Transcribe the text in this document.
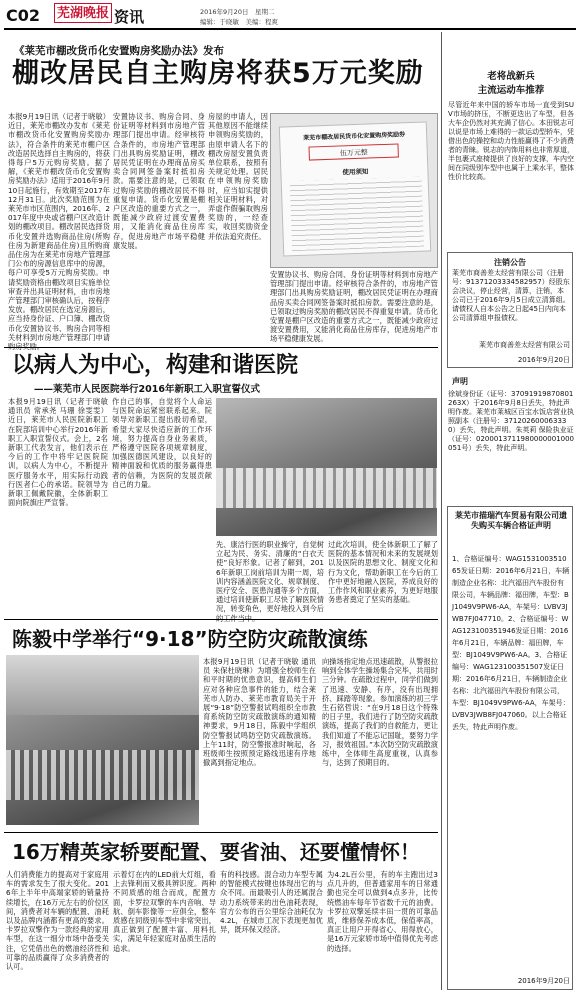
C02 芜湖晚报 资讯	2016年9月20日　星期二
编辑：于晓敏　美编：程爽
《莱芜市棚改货币化安置购房奖励办法》发布
棚改居民自主购房将获5万元奖励
本报9月19日讯（记者于晓敏）近日，莱芜市棚改办发布《莱芜市棚改货币化安置购房奖励办法》，符合条件的莱芜市棚户区改造居民选择自主购房的，将获得每户5万元购房奖励。据了解，《莱芜市棚改货币化安置购房奖励办法》适用于2016年9月10日起施行，有效期至2017年12月31日。此次奖励范围为在莱芜市市区范围内，2016年、2017年度中央或省棚户区改造计划的棚改项目。棚改居民选择货币化安置并选购商品住房(所购住房为新建商品住房)且所购商品住房为在莱芜市房地产管理部门公布的房源信息库中的房源，每户可享受5万元购房奖励。申请奖励资格由棚改项目实施单位审查并出具证明材料，由市房地产管理部门审核确认后，按程序发放。棚改居民在选定房源后，应当持身份证、户口簿、棚改货币化安置协议书、购房合同等相关材料到市房地产管理部门申请
安置协议书、购房合同、身份证明等材料到市房地产管理部门提出申请。经审核符合条件的，市房地产管理部门出具购房奖励证明，棚改居民凭证明在办理商品房买卖合同网签备案时抵扣房款。需要注意的是，已领取过购房奖励的棚改居民不得重复申请。货币化安置是棚户区改造的重要方式之一，既能减少政府过渡安置费用，又能消化商品住房库存，促进房地产市场平稳健康发展。
莱芜市棚改居民货币化安置购房奖励券
伍万元整
使用须知
房屋的申请人，因其他原因不能继续申领购房奖励的，由原申请人名下的棚改房屋安置负责单位联系，按照有关规定处理。居民在申领购房奖励时，应当如实提供相关证明材料，对弄虚作假骗取购房奖励的，一经查实，收回奖励资金并依法追究责任。
安置协议书、购房合同、身份证明等材料到市房地产管理部门提出申请。经审核符合条件的，市房地产管理部门出具购房奖励证明，棚改居民凭证明在办理商品房买卖合同网签备案时抵扣房款。需要注意的是，已领取过购房奖励的棚改居民不得重复申请。货币化安置是棚户区改造的重要方式之一，既能减少政府过渡安置费用，又能消化商品住房库存，促进房地产市场平稳健康发展。
以病人为中心，构建和谐医院
——莱芜市人民医院举行2016年新职工入职宣誓仪式
本报9月19日讯（记者于晓敏 通讯员 常承尧 马珊 徐雯雯）近日，莱芜市人民医院新职工在院部培训中心举行2016年新职工入职宣誓仪式。会上，2名新职工代表发言，他们表示在今后的工作中将牢记医院院训，以病人为中心，不断提升医疗服务水平，用实际行动践行医者仁心的承诺。院领导为新职工佩戴院徽，全体新职工面向院旗庄严宣誓。
作自己的事，自觉将个人命运与医院命运紧密联系起来。院领导对新职工提出殷切希望，希望大家尽快适应新的工作环境，努力提高自身业务素质，严格遵守医院各项规章制度，加强医德医风建设，以良好的精神面貌和优质的服务赢得患者的信赖，为医院的发展贡献自己的力量。
先、康洁行医的职业操守，自觉树立起为民、务实、清廉的“白衣天使”良好形象。记者了解到，2016年新职工岗前培训为期一周，培训内容涵盖医院文化、规章制度、医疗安全、医患沟通等多个方面，通过培训使新职工尽快了解医院情况，转变角色，更好地投入到今后
过此次培训，使全体新职工了解了医院的基本情况和未来的发展规划以及医院的思想文化、制度文化和行为文化，帮助新职工在今后的工作中更好地融入医院，养成良好的工作作风和职业素养，为更好地服务患者奠定了坚实的基础。
陈毅中学举行“9·18”防空防灾疏散演练
本报9月19日讯（记者于晓敏 通讯员 朱保杜晓琳）为增强全校师生在和平时期的忧患意识，提高师生们应对各种应急事件的能力，结合莱芜市人防办、莱芜市教育局关于开展“9·18”防空警报试鸣组织全市教育系统防空防灾疏散演练的通知精神要求，9月18日，陈毅中学组织防空警报试鸣防空防灾疏散演练。上午11时，防空警报准时响起，各班级师生按照预定路线迅速有序地撤离到指定地点。
向操场指定地点迅速疏散，从警报拉响到全体学生操场集合完毕，共用时三分钟。在疏散过程中，同学们做到了迅速、安静、有序，没有出现拥挤、踩踏等现象。参加演练的初三学生石铭哲说：“在9月18日这个特殊的日子里，我们进行了防空防灾疏散演练，提高了我们的自救能力，更让我们知道了不能忘记国耻，要努力学习，报效祖国。”本次防空防灾疏散演练中，全体师生高度重视，认真参与，达到了预期目的。
16万精英家轿要配置、要省油、还要懂情怀！
人们消费能力的提高对于家庭用车的需求发生了很大变化。2016年上半年中高端家轿的销量持续增长，在16万元左右的价位区间，消费者对车辆的配置、油耗以及品牌内涵都有更高的要求。卡罗拉双擎作为一款经典的家用车型，在这一细分市场中备受关注，它凭借出色的燃油经济性和可靠的品质赢得了众多消费者的认可。
示着灯在内的LED前大灯组，看上去锋利而又极具辨识度。两种不同质感的组合而成，配置方面，卡罗拉双擎的车内音响、导航、倒车影像等一应俱全，整车质感在同级别车型中非常突出，真正做到了配置丰富、用料扎实，满足年轻家庭对品质生活的追求。
有的科技感。混合动力车型专属的智能模式按键也体现出它的与众不同。而最吸引人的还属混合动力系统带来的出色油耗表现，官方公布的百公里综合油耗仅为4.2L，在城市工况下表现更加优异，既环保又经济。
为4.2L百公里，有的车主跑出过3点几升的，但普通家用车的日常通勤也完全可以做到4点多升，比传统燃油车每年节省数千元的油费。卡罗拉双擎延续丰田一贯的可靠品质，维修保养成本低，保值率高，真正让用户开得省心、用得放心，是16万元家轿市场中值得优先考虑的选择。
老将战新兵
主流运动车推荐
尽管近年来中国的轿车市场一直受到SUV市场的挤压，不断更迭出了车型，但各大车企仍然对其充满了信心。本田锐志可以说是市场上难得的一款运动型轿车，凭借出色的操控和动力性能赢得了不少消费者的青睐。锐志的内饰用料也非常厚道，半包裹式座椅提供了良好的支撑，车内空间在同级别车型中也属于上乘水平，整体性价比较高。
注销公告
莱芜市商善差太经营有限公司（注册号：91371203334582957）经股东会决议，停止经营，清算，注销，本公司已于2016年9月5日成立清算组。请债权人自本公告之日起45日内向本公司清算组申报债权。
莱芜市商善差太经营有限公司
2016年9月20日
声明
徐斌身份证（证号：37091919870801263X）于2016年9月8日丢失，特此声明作废。莱芜市莱城区百宝水饭店营业执照副本（注册号：371202600063330）丢失，特此声明。朱英莉 保险执业证（证号：0200013711980000001000051号）丢失，特此声明。
莱芜市描瑞汽车贸易有限公司遗失购买车辆合格证声明
1、合格证编号：WAG153100351065发证日期：2016年6月21日，车辆制造企业名称：北汽福田汽车股份有限公司，车辆品牌：福田牌，车型：BJ1049V9PW6-AA，车架号：LVBV3JWB7FJ047710。2、合格证编号：WAG123100351946发证日期：2016年6月21日，车辆品牌：福田牌，车型：BJ1049V9PW6-AA。3、合格证编号：WAG123100351507发证日期：2016年6月21日，车辆制造企业名称：北汽福田汽车股份有限公司，车型：BJ1049V9PW6-AA，车架号：LVBV3JWB8FJ047060。以上合格证丢失，特此声明作废。
2016年9月20日
